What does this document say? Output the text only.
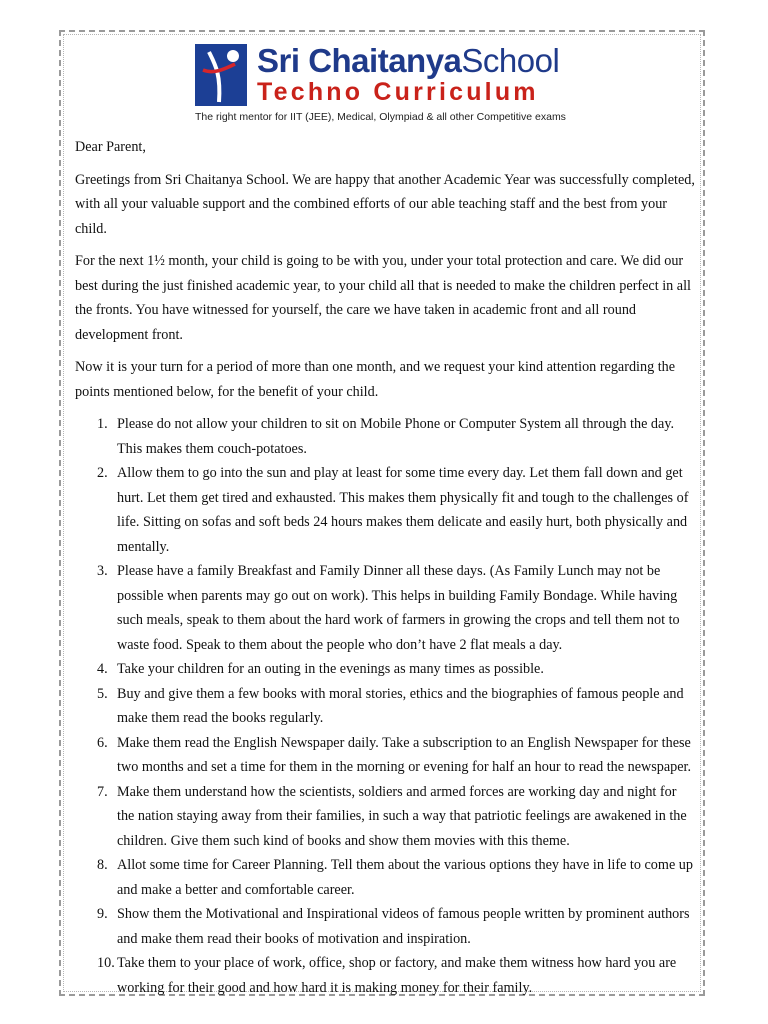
Sri ChaitanyaSchool
Techno Curriculum
The right mentor for IIT (JEE), Medical, Olympiad & all other Competitive exams

Dear Parent,

Greetings from Sri Chaitanya School. We are happy that another Academic Year was successfully completed, with all your valuable support and the combined efforts of our able teaching staff and the best from your child.

For the next 1½ month, your child is going to be with you, under your total protection and care. We did our best during the just finished academic year, to your child all that is needed to make the children perfect in all the fronts. You have witnessed for yourself, the care we have taken in academic front and all round development front.

Now it is your turn for a period of more than one month, and we request your kind attention regarding the points mentioned below, for the benefit of your child.

1. Please do not allow your children to sit on Mobile Phone or Computer System all through the day. This makes them couch-potatoes.
2. Allow them to go into the sun and play at least for some time every day. Let them fall down and get hurt. Let them get tired and exhausted. This makes them physically fit and tough to the challenges of life. Sitting on sofas and soft beds 24 hours makes them delicate and easily hurt, both physically and mentally.
3. Please have a family Breakfast and Family Dinner all these days. (As Family Lunch may not be possible when parents may go out on work). This helps in building Family Bondage. While having such meals, speak to them about the hard work of farmers in growing the crops and tell them not to waste food. Speak to them about the people who don’t have 2 flat meals a day.
4. Take your children for an outing in the evenings as many times as possible.
5. Buy and give them a few books with moral stories, ethics and the biographies of famous people and make them read the books regularly.
6. Make them read the English Newspaper daily. Take a subscription to an English Newspaper for these two months and set a time for them in the morning or evening for half an hour to read the newspaper.
7. Make them understand how the scientists, soldiers and armed forces are working day and night for the nation staying away from their families, in such a way that patriotic feelings are awakened in the children. Give them such kind of books and show them movies with this theme.
8. Allot some time for Career Planning. Tell them about the various options they have in life to come up and make a better and comfortable career.
9. Show them the Motivational and Inspirational videos of famous people written by prominent authors and make them read their books of motivation and inspiration.
10. Take them to your place of work, office, shop or factory, and make them witness how hard you are working for their good and how hard it is making money for their family.
